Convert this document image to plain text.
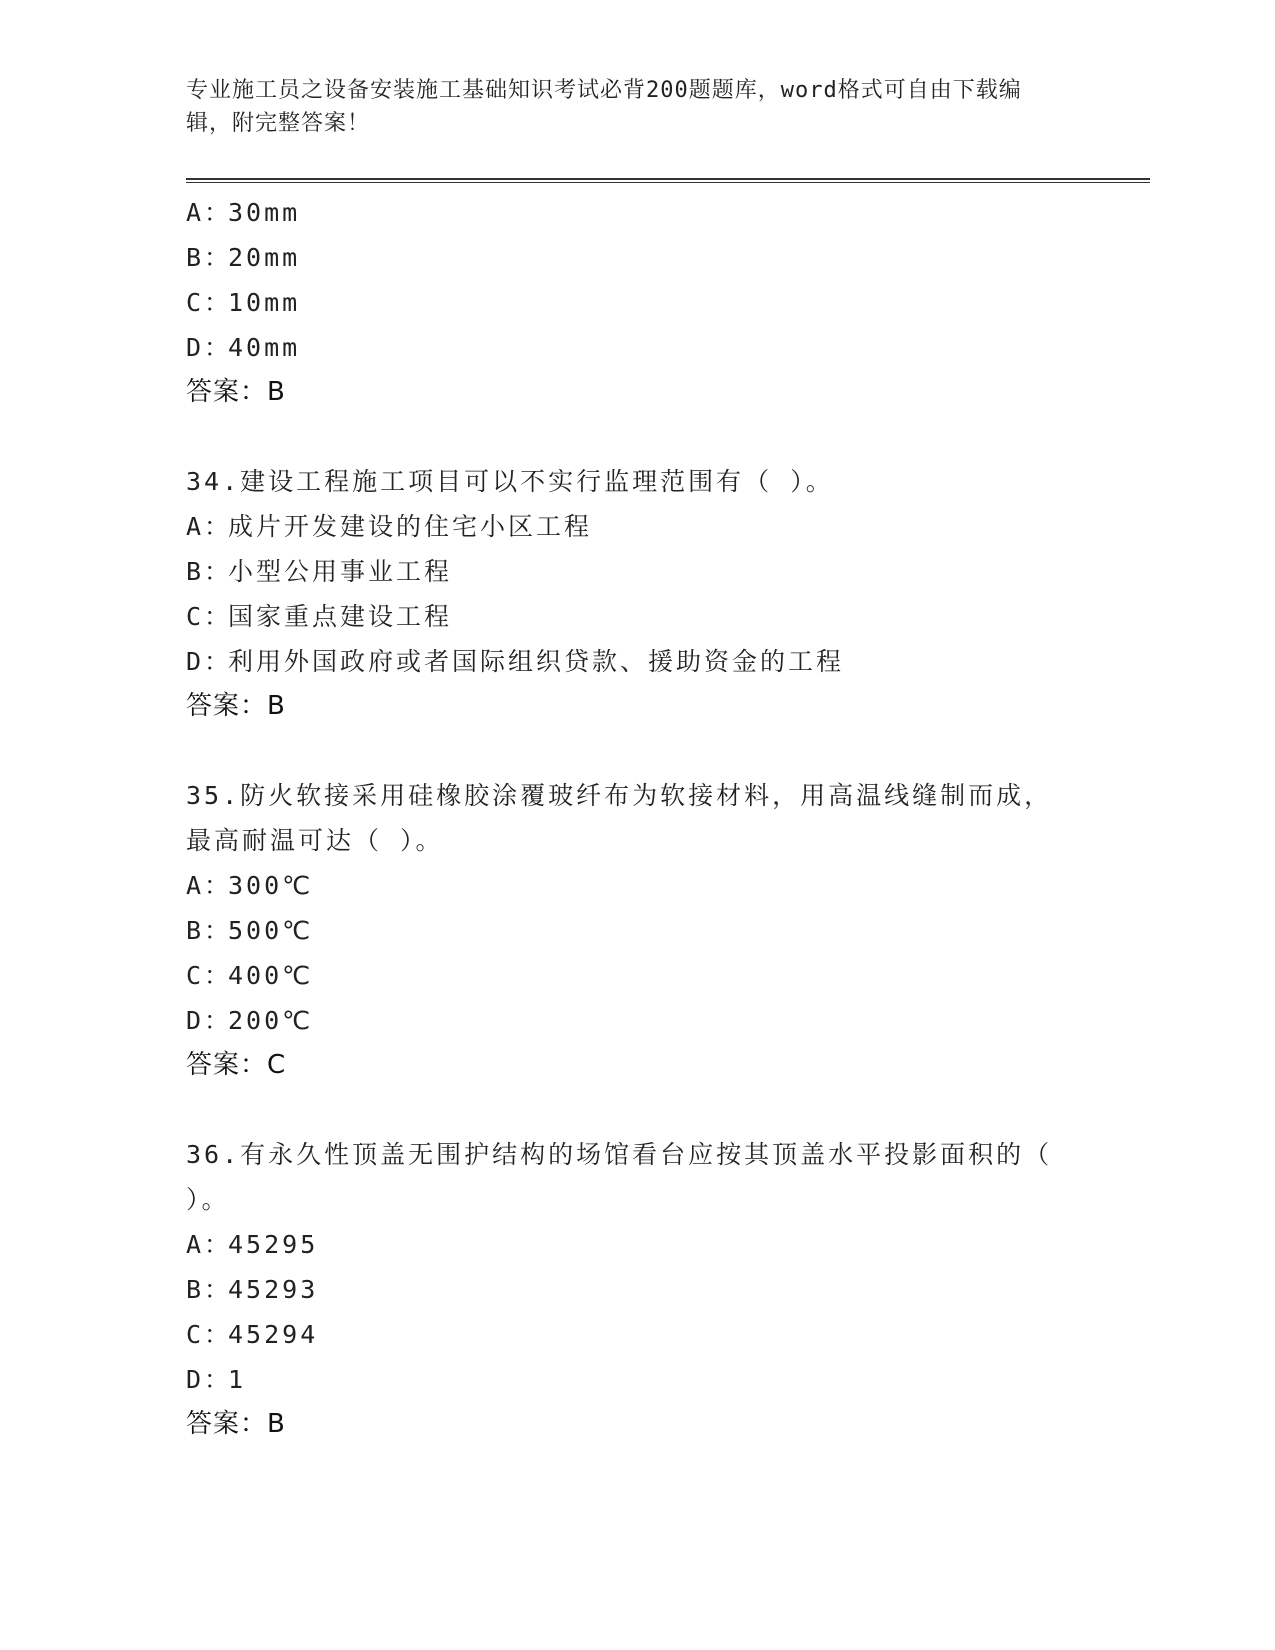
专业施工员之设备安装施工基础知识考试必背200题题库，word格式可自由下载编辑，附完整答案！
A：30mm
B：20mm
C：10mm
D：40mm
答案：B
34.建设工程施工项目可以不实行监理范围有（ ）。
A：成片开发建设的住宅小区工程
B：小型公用事业工程
C：国家重点建设工程
D：利用外国政府或者国际组织贷款、援助资金的工程
答案：B
35.防火软接采用硅橡胶涂覆玻纤布为软接材料，用高温线缝制而成，最高耐温可达（ ）。
A：300℃
B：500℃
C：400℃
D：200℃
答案：C
36.有永久性顶盖无围护结构的场馆看台应按其顶盖水平投影面积的（ ）。
A：45295
B：45293
C：45294
D：1
答案：B
